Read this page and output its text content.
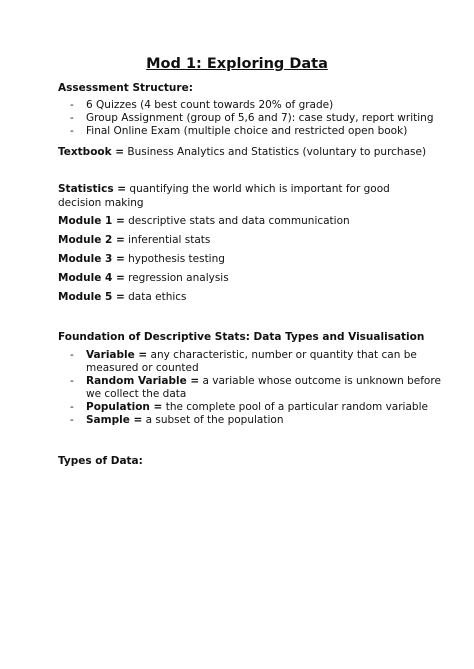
Mod 1: Exploring Data
Assessment Structure:
- 6 Quizzes (4 best count towards 20% of grade)
- Group Assignment (group of 5,6 and 7): case study, report writing
- Final Online Exam (multiple choice and restricted open book)
Textbook = Business Analytics and Statistics (voluntary to purchase)
Statistics = quantifying the world which is important for good decision making
Module 1 = descriptive stats and data communication
Module 2 = inferential stats
Module 3 = hypothesis testing
Module 4 = regression analysis
Module 5 = data ethics
Foundation of Descriptive Stats: Data Types and Visualisation
- Variable = any characteristic, number or quantity that can be
measured or counted
- Random Variable = a variable whose outcome is unknown before
we collect the data
- Population = the complete pool of a particular random variable
- Sample = a subset of the population
Types of Data:
